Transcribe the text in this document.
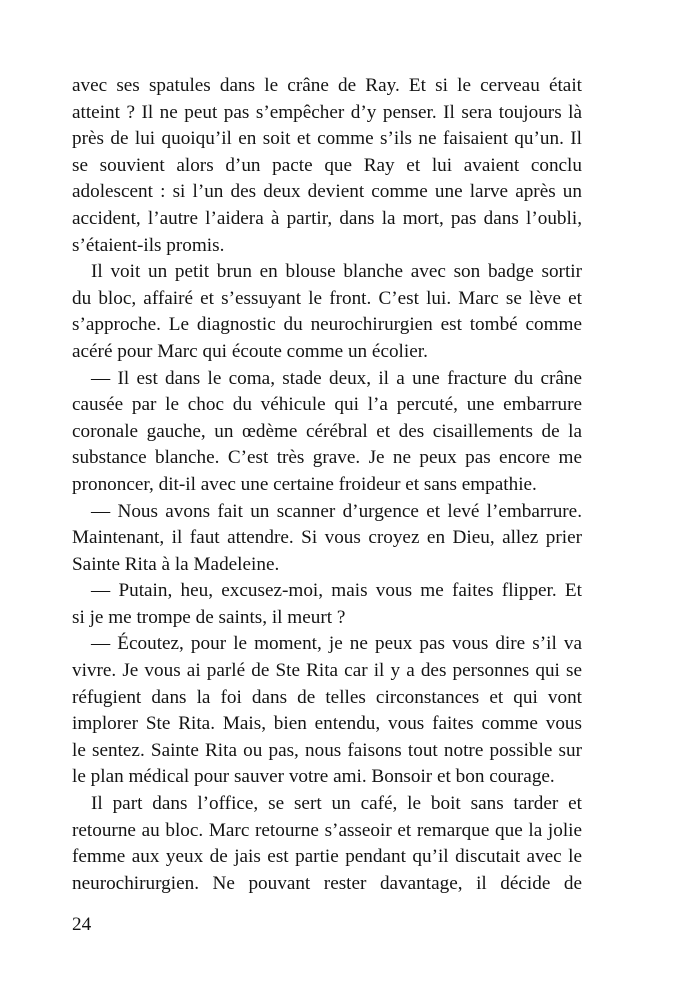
avec ses spatules dans le crâne de Ray. Et si le cerveau était
atteint ? Il ne peut pas s’empêcher d’y penser. Il sera toujours là
près de lui quoiqu’il en soit et comme s’ils ne faisaient qu’un. Il
se souvient alors d’un pacte que Ray et lui avaient conclu
adolescent : si l’un des deux devient comme une larve après un
accident, l’autre l’aidera à partir, dans la mort, pas dans l’oubli,
s’étaient-ils promis.
Il voit un petit brun en blouse blanche avec son badge sortir
du bloc, affairé et s’essuyant le front. C’est lui. Marc se lève et
s’approche. Le diagnostic du neurochirurgien est tombé comme
acéré pour Marc qui écoute comme un écolier.
— Il est dans le coma, stade deux, il a une fracture du crâne
causée par le choc du véhicule qui l’a percuté, une embarrure
coronale gauche, un œdème cérébral et des cisaillements de la
substance blanche. C’est très grave. Je ne peux pas encore me
prononcer, dit-il avec une certaine froideur et sans empathie.
— Nous avons fait un scanner d’urgence et levé l’embarrure.
Maintenant, il faut attendre. Si vous croyez en Dieu, allez prier
Sainte Rita à la Madeleine.
— Putain, heu, excusez-moi, mais vous me faites flipper. Et
si je me trompe de saints, il meurt ?
— Écoutez, pour le moment, je ne peux pas vous dire s’il va
vivre. Je vous ai parlé de Ste Rita car il y a des personnes qui se
réfugient dans la foi dans de telles circonstances et qui vont
implorer Ste Rita. Mais, bien entendu, vous faites comme vous
le sentez. Sainte Rita ou pas, nous faisons tout notre possible sur
le plan médical pour sauver votre ami. Bonsoir et bon courage.
Il part dans l’office, se sert un café, le boit sans tarder et
retourne au bloc. Marc retourne s’asseoir et remarque que la jolie
femme aux yeux de jais est partie pendant qu’il discutait avec le
neurochirurgien. Ne pouvant rester davantage, il décide de
24
